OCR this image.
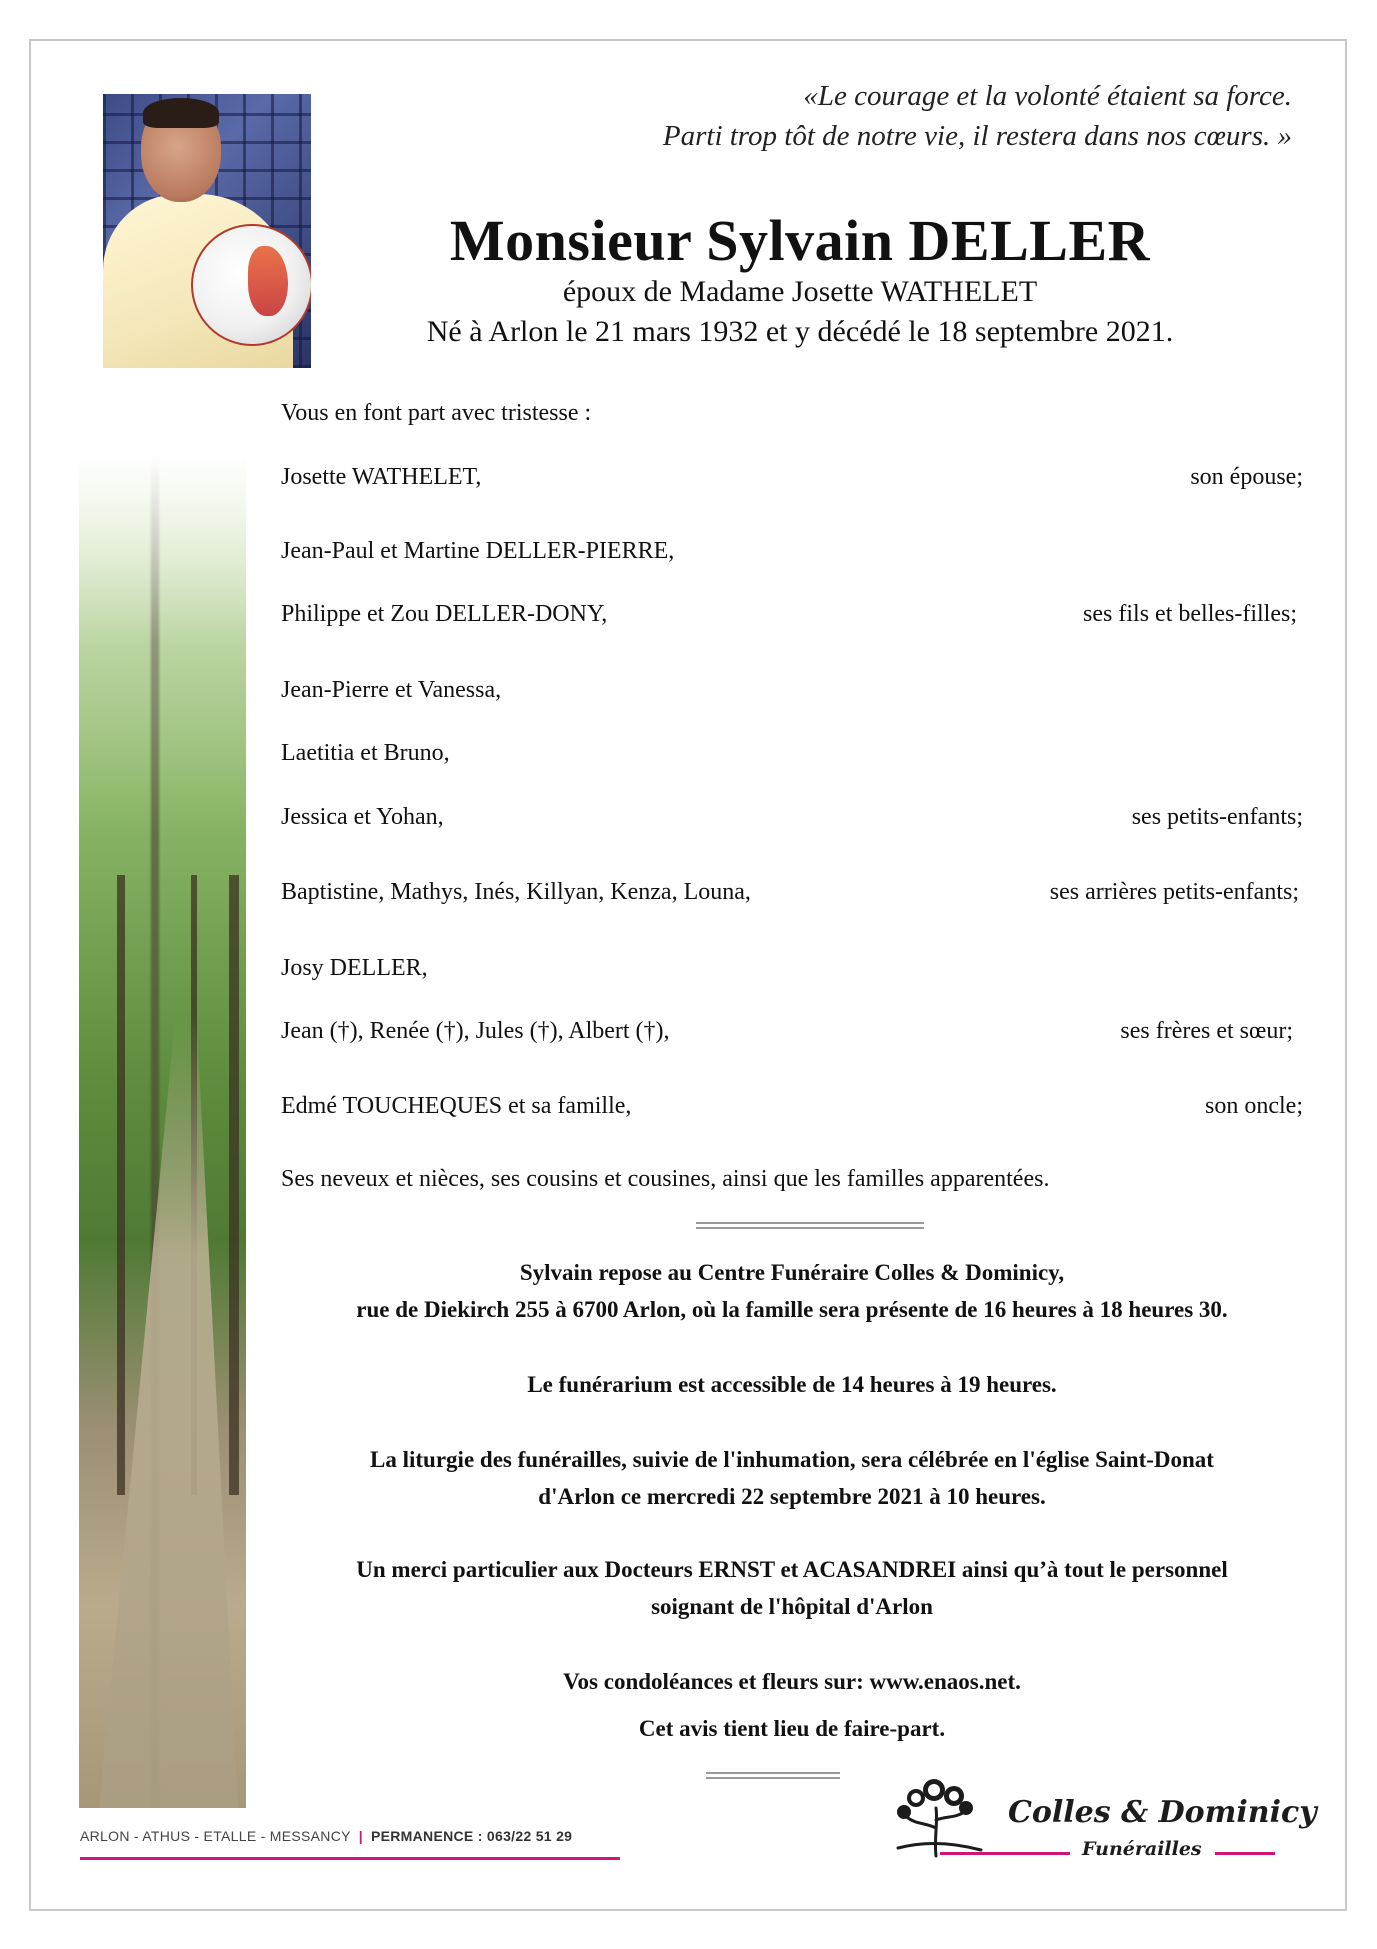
«Le courage et la volonté étaient sa force.
Parti trop tôt de notre vie, il restera dans nos cœurs. »
Monsieur Sylvain DELLER
époux de Madame Josette WATHELET
Né à Arlon le 21 mars 1932 et y décédé le 18 septembre 2021.
Vous en font part avec tristesse :
Josette WATHELET,	son épouse;
Jean-Paul et Martine DELLER-PIERRE,
Philippe et Zou DELLER-DONY,	ses fils et belles-filles;
Jean-Pierre et Vanessa,
Laetitia et Bruno,
Jessica et Yohan,	ses petits-enfants;
Baptistine, Mathys, Inés, Killyan, Kenza, Louna,	ses arrières petits-enfants;
Josy DELLER,
Jean (†), Renée (†), Jules (†), Albert (†),	ses frères et sœur;
Edmé TOUCHEQUES et sa famille,	son oncle;
Ses neveux et nièces, ses cousins et cousines, ainsi que les familles apparentées.
Sylvain repose au Centre Funéraire Colles & Dominicy,
rue de Diekirch 255 à 6700 Arlon, où la famille sera présente de 16 heures à 18 heures 30.
Le funérarium est accessible de 14 heures à 19 heures.
La liturgie des funérailles, suivie de l'inhumation, sera célébrée en l'église Saint-Donat
d'Arlon ce mercredi 22 septembre 2021 à 10 heures.
Un merci particulier aux Docteurs ERNST et ACASANDREI ainsi qu’à tout le personnel
soignant de l'hôpital d'Arlon
Vos condoléances et fleurs sur: www.enaos.net.
Cet avis tient lieu de faire-part.
ARLON - ATHUS - ETALLE - MESSANCY | PERMANENCE : 063/22 51 29
Colles & Dominicy
Funérailles
